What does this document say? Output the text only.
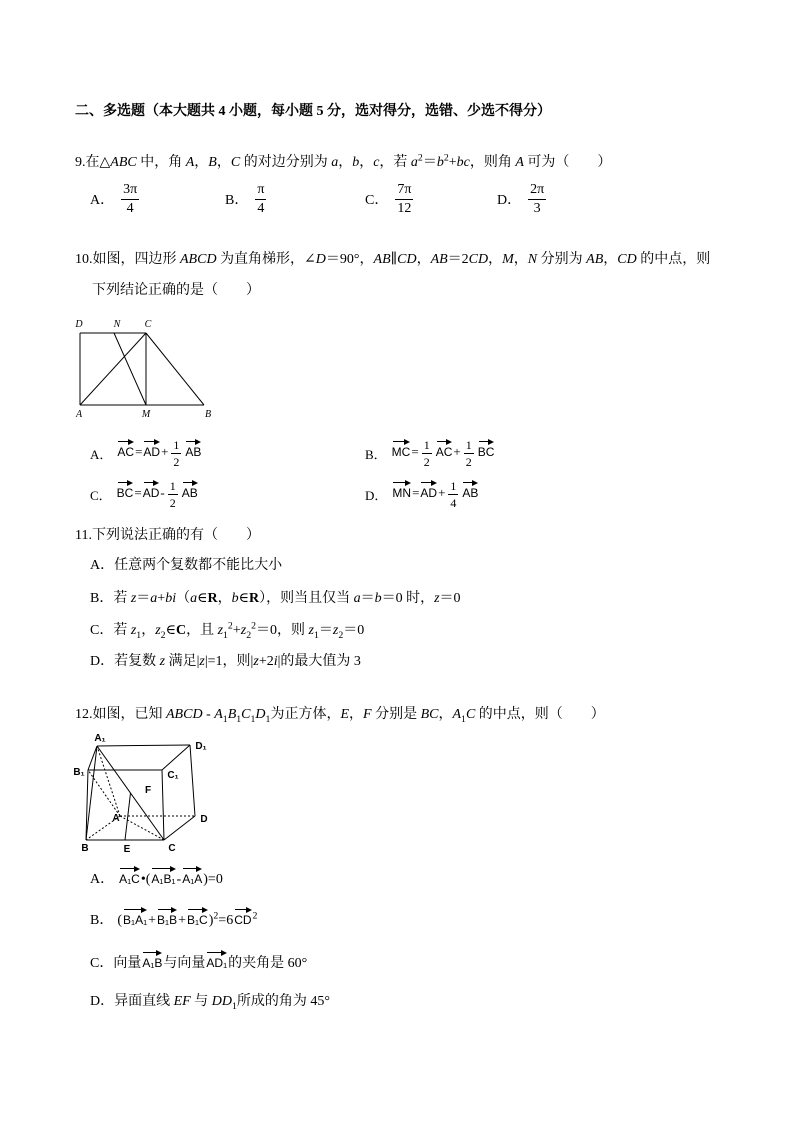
二、多选题（本大题共 4 小题，每小题 5 分，选对得分，选错、少选不得分）
9.在△ABC 中，角 A，B，C 的对边分别为 a，b，c，若 $a^2=b^2+bc$，则角 A 可为（　　）
A． $\frac{3\pi}{4}$	B． $\frac{\pi}{4}$	C． $\frac{7\pi}{12}$	D． $\frac{2\pi}{3}$
10.如图，四边形 ABCD 为直角梯形，∠D＝90°，AB∥CD，AB＝2CD，M，N 分别为 AB，CD 的中点，则
下列结论正确的是（　　）
D	N C
A	M	B
A． $AC=AD+ \frac{1}{2}$ AB	B． $MC= \frac{1}{2} AC+ \frac{1}{2}$ BC
C． $BC=AD- \frac{1}{2}$ AB	D． $MN=AD+ \frac{1}{4}$ AB
11.下列说法正确的有（　　）
A．任意两个复数都不能比大小
B．若 z＝a+bi（a∈R，b∈R），则当且仅当 a＝b＝0 时，z＝0
C．若 $z_1$，$z_2\in C$，且 $z_1^2+z_2^2=0$，则 $z_1=z_2=0$
D．若复数 z 满足|z|=1，则|z+2i|的最大值为 3
12.如图，已知 ABCD - $A_1B_1C_1D_1$为正方体，E，F 分别是 BC，$A_1C$ 的中点，则（　　）
A₁
D₁
B₁	C₁
F
A	D
B	E	C
A． A₁C•(A₁B₁-A₁A)=0
B． $(B_1A_1+B_1B+B_1C)^2=6CD^2$
C．向量A₁B与向量AD₁的夹角是 60°
D．异面直线 EF 与 $DD_1$所成的角为 45°
